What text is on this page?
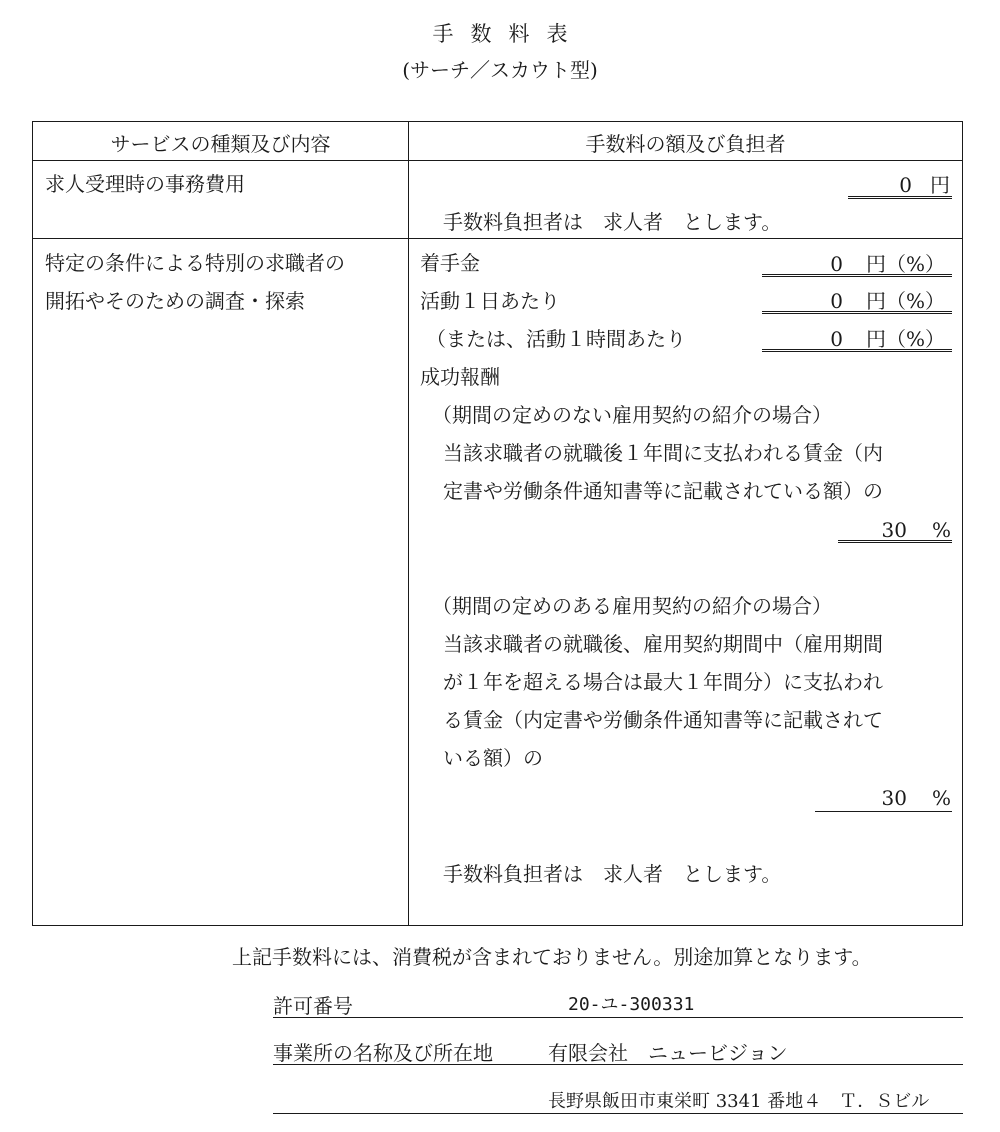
手数料表
(サーチ／スカウト型)
サービスの種類及び内容	手数料の額及び負担者
求人受理時の事務費用	0 円
手数料負担者は　求人者　とします。
特定の条件による特別の求職者の
開拓やそのための調査・探索
着手金	0 円（%）
活動１日あたり	0 円（%）
（または、活動１時間あたり	0 円（%）
成功報酬
（期間の定めのない雇用契約の紹介の場合）
当該求職者の就職後１年間に支払われる賃金（内
定書や労働条件通知書等に記載されている額）の
30 %
（期間の定めのある雇用契約の紹介の場合）
当該求職者の就職後、雇用契約期間中（雇用期間
が１年を超える場合は最大１年間分）に支払われ
る賃金（内定書や労働条件通知書等に記載されて
いる額）の
30 %
手数料負担者は　求人者　とします。
上記手数料には、消費税が含まれておりません。別途加算となります。
許可番号	20-ユ-300331
事業所の名称及び所在地	有限会社　ニュービジョン
長野県飯田市東栄町 3341 番地４　Ｔ．Ｓビル
